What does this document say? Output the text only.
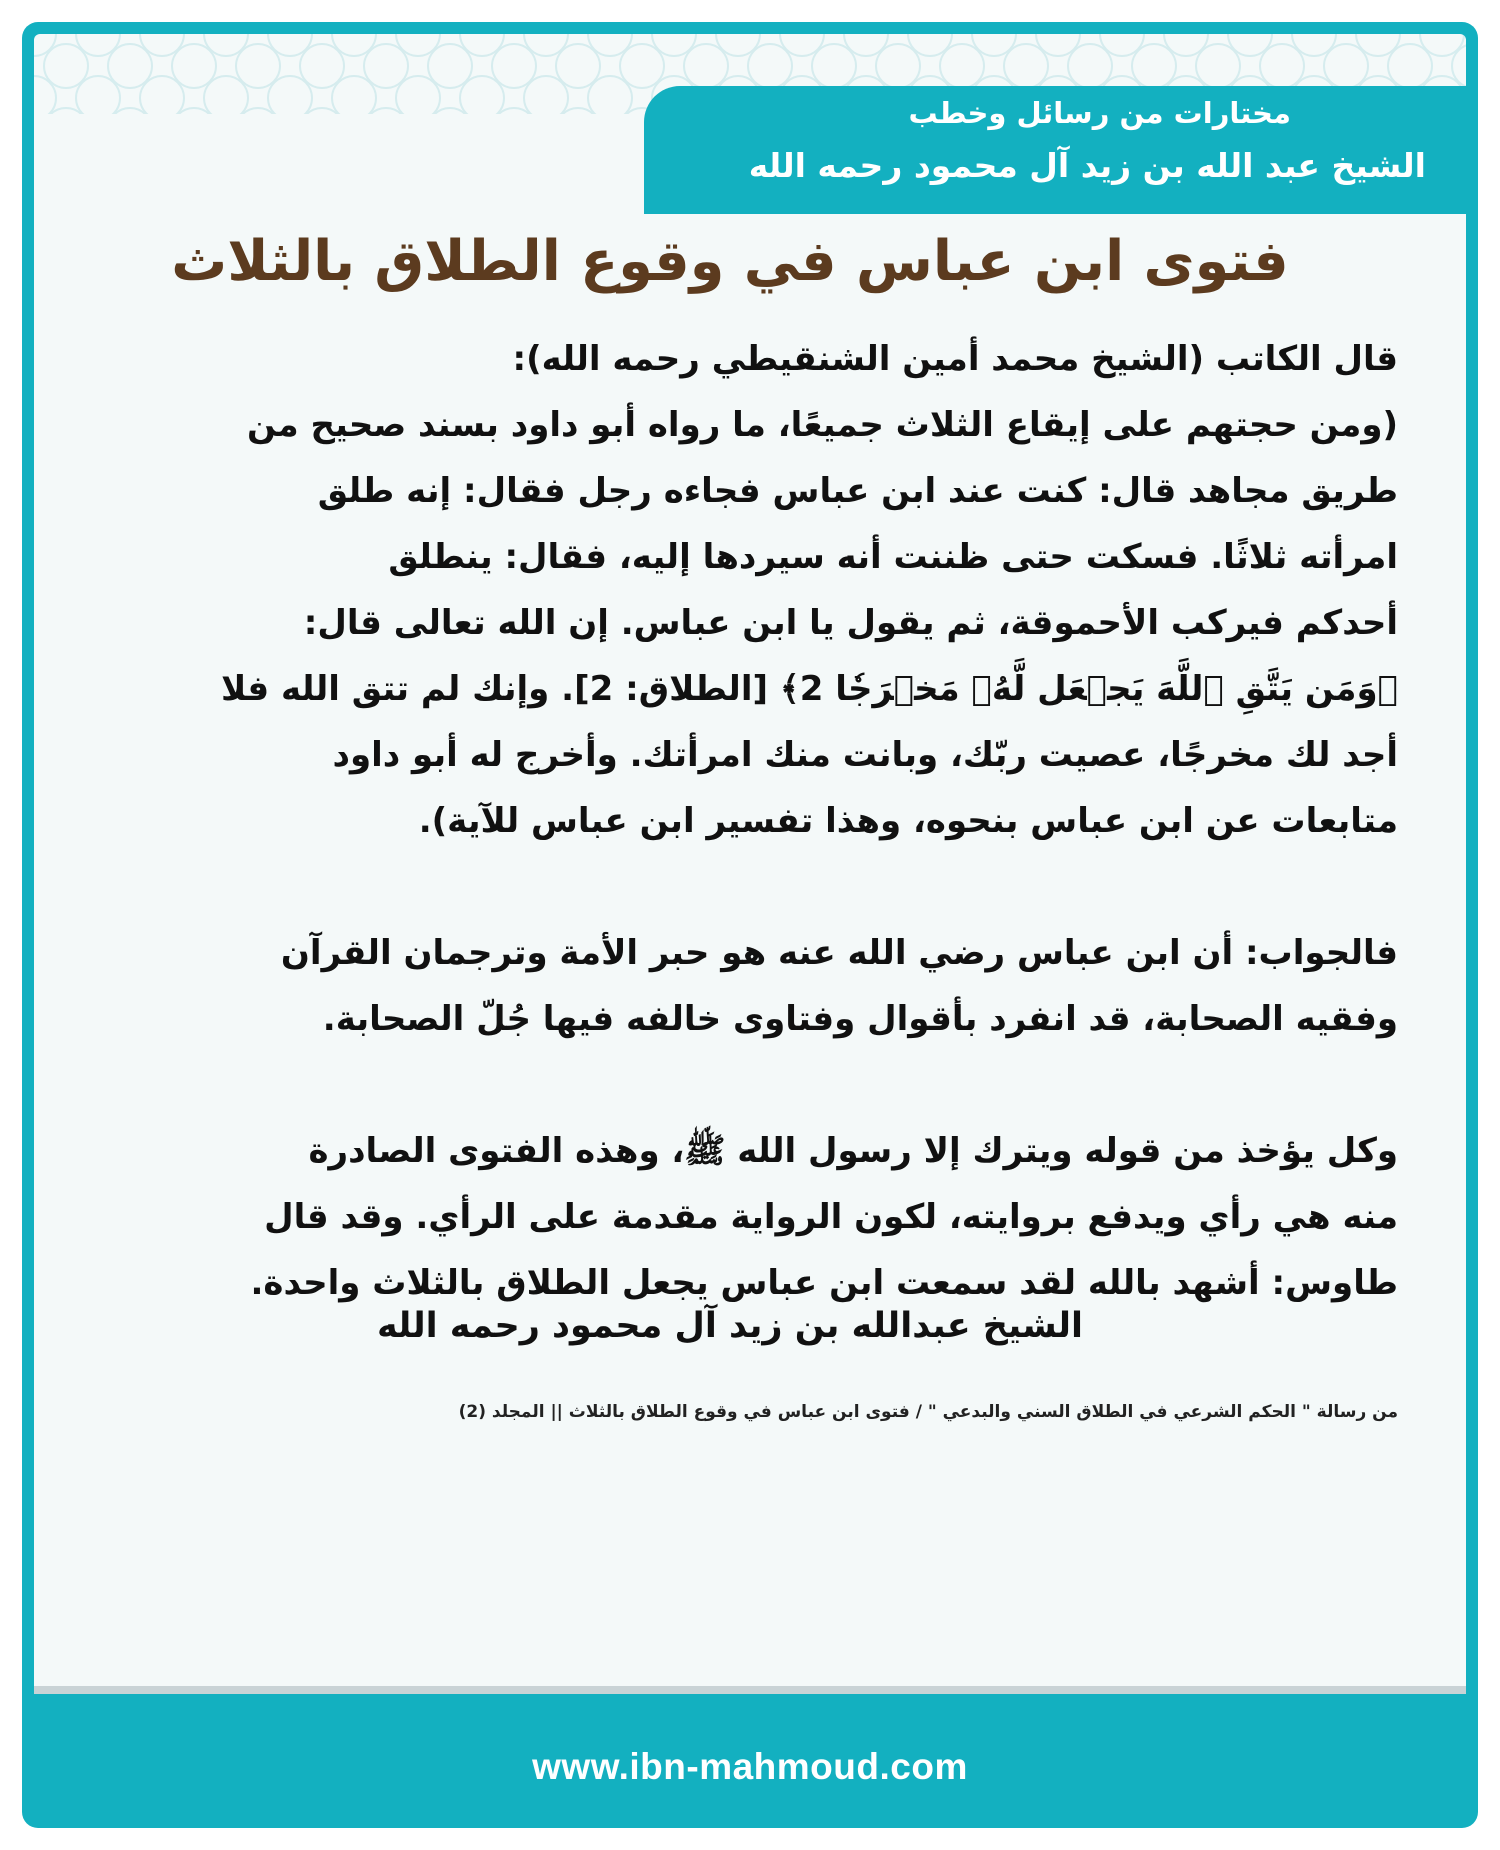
مختارات من رسائل وخطب
الشيخ عبد الله بن زيد آل محمود رحمه الله
فتوى ابن عباس في وقوع الطلاق بالثلاث
قال الكاتب (الشيخ محمد أمين الشنقيطي رحمه الله):
(ومن حجتهم على إيقاع الثلاث جميعًا، ما رواه أبو داود بسند صحيح من
طريق مجاهد قال: كنت عند ابن عباس فجاءه رجل فقال: إنه طلق
امرأته ثلاثًا. فسكت حتى ظننت أنه سيردها إليه، فقال: ينطلق
أحدكم فيركب الأحموقة، ثم يقول يا ابن عباس. إن الله تعالى قال:
﴿وَمَن يَتَّقِ ٱللَّهَ يَجۡعَل لَّهُۥ مَخۡرَجٗا 2﴾ [الطلاق: 2]. وإنك لم تتق الله فلا
أجد لك مخرجًا، عصيت ربّك، وبانت منك امرأتك. وأخرج له أبو داود
متابعات عن ابن عباس بنحوه، وهذا تفسير ابن عباس للآية).
فالجواب: أن ابن عباس رضي الله عنه هو حبر الأمة وترجمان القرآن
وفقيه الصحابة، قد انفرد بأقوال وفتاوى خالفه فيها جُلّ الصحابة.
وكل يؤخذ من قوله ويترك إلا رسول الله ﷺ، وهذه الفتوى الصادرة
منه هي رأي ويدفع بروايته، لكون الرواية مقدمة على الرأي. وقد قال
طاوس: أشهد بالله لقد سمعت ابن عباس يجعل الطلاق بالثلاث واحدة.
الشيخ عبدالله بن زيد آل محمود رحمه الله
من رسالة " الحكم الشرعي في الطلاق السني والبدعي " / فتوى ابن عباس في وقوع الطلاق بالثلاث || المجلد (2)
www.ibn-mahmoud.com
